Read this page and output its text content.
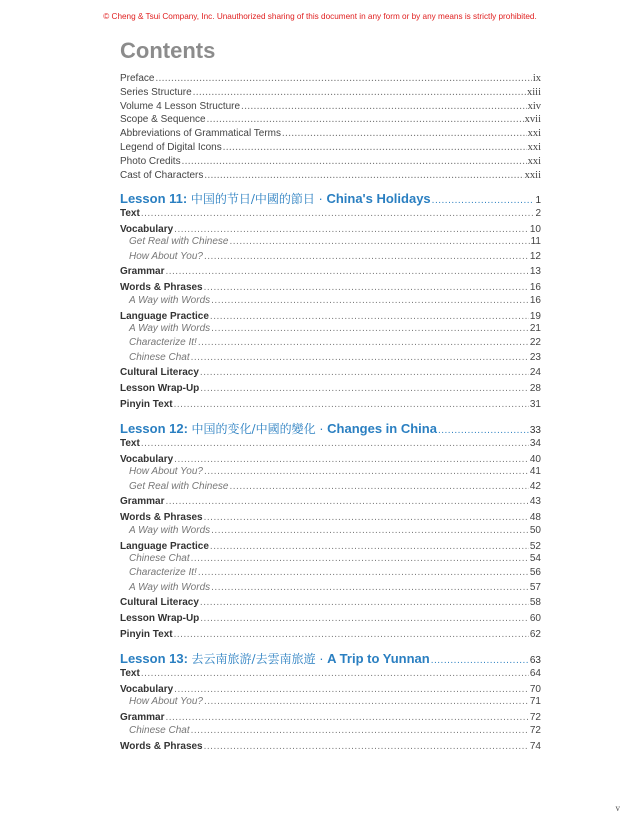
© Cheng & Tsui Company, Inc. Unauthorized sharing of this document in any form or by any means is strictly prohibited.
Contents
Preface .....	ix
Series Structure .....	xiii
Volume 4 Lesson Structure .....	xiv
Scope & Sequence .....	xvii
Abbreviations of Grammatical Terms .....	xxi
Legend of Digital Icons .....	xxi
Photo Credits .....	xxi
Cast of Characters .....	xxii
Lesson 11: 中国的节日/中國的節日 · China's Holidays .....	1
Text .....	2
Vocabulary .....	10
Get Real with Chinese .....	11
How About You? .....	12
Grammar .....	13
Words & Phrases .....	16
A Way with Words .....	16
Language Practice .....	19
A Way with Words .....	21
Characterize It! .....	22
Chinese Chat .....	23
Cultural Literacy .....	24
Lesson Wrap-Up .....	28
Pinyin Text .....	31
Lesson 12: 中国的变化/中國的變化 · Changes in China .....	33
Text .....	34
Vocabulary .....	40
How About You? .....	41
Get Real with Chinese .....	42
Grammar .....	43
Words & Phrases .....	48
A Way with Words .....	50
Language Practice .....	52
Chinese Chat .....	54
Characterize It! .....	56
A Way with Words .....	57
Cultural Literacy .....	58
Lesson Wrap-Up .....	60
Pinyin Text .....	62
Lesson 13: 去云南旅游/去雲南旅遊 · A Trip to Yunnan .....	63
Text .....	64
Vocabulary .....	70
How About You? .....	71
Grammar .....	72
Chinese Chat .....	72
Words & Phrases .....	74
v
